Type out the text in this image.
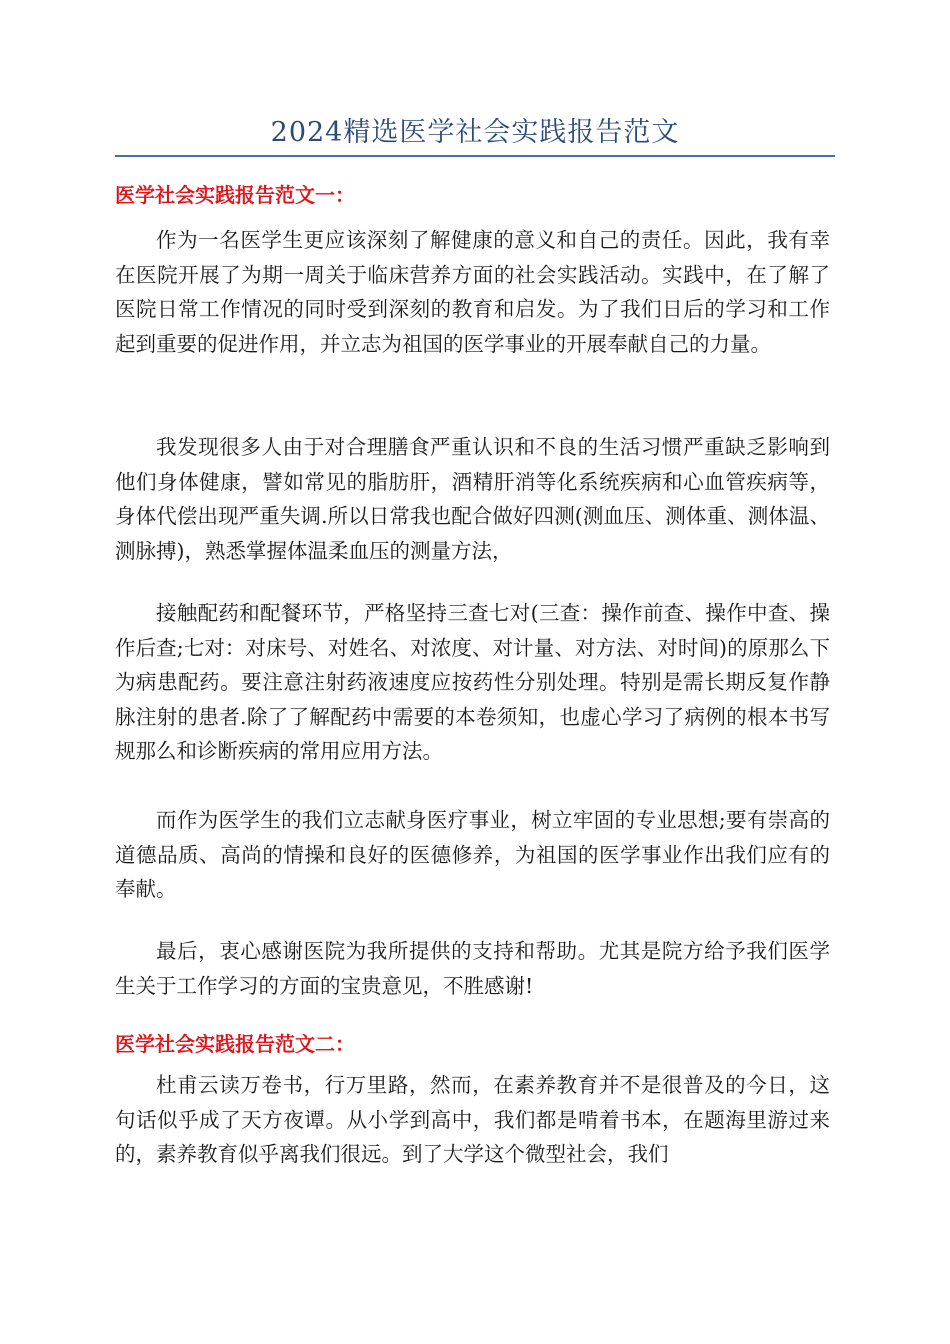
2024精选医学社会实践报告范文
医学社会实践报告范文一：

作为一名医学生更应该深刻了解健康的意义和自己的责任。因此，我有幸在医院开展了为期一周关于临床营养方面的社会实践活动。实践中，在了解了医院日常工作情况的同时受到深刻的教育和启发。为了我们日后的学习和工作起到重要的促进作用，并立志为祖国的医学事业的开展奉献自己的力量。

我发现很多人由于对合理膳食严重认识和不良的生活习惯严重缺乏影响到他们身体健康，譬如常见的脂肪肝，酒精肝消等化系统疾病和心血管疾病等，身体代偿出现严重失调.所以日常我也配合做好四测(测血压、测体重、测体温、测脉搏)，熟悉掌握体温柔血压的测量方法，

接触配药和配餐环节，严格坚持三查七对(三查：操作前查、操作中查、操作后查;七对：对床号、对姓名、对浓度、对计量、对方法、对时间)的原那么下为病患配药。要注意注射药液速度应按药性分别处理。特别是需长期反复作静脉注射的患者.除了了解配药中需要的本卷须知，也虚心学习了病例的根本书写规那么和诊断疾病的常用应用方法。

而作为医学生的我们立志献身医疗事业，树立牢固的专业思想;要有崇高的道德品质、高尚的情操和良好的医德修养，为祖国的医学事业作出我们应有的奉献。

最后，衷心感谢医院为我所提供的支持和帮助。尤其是院方给予我们医学生关于工作学习的方面的宝贵意见，不胜感谢!

医学社会实践报告范文二：

杜甫云读万卷书，行万里路，然而，在素养教育并不是很普及的今日，这句话似乎成了天方夜谭。从小学到高中，我们都是啃着书本，在题海里游过来的，素养教育似乎离我们很远。到了大学这个微型社会，我们
